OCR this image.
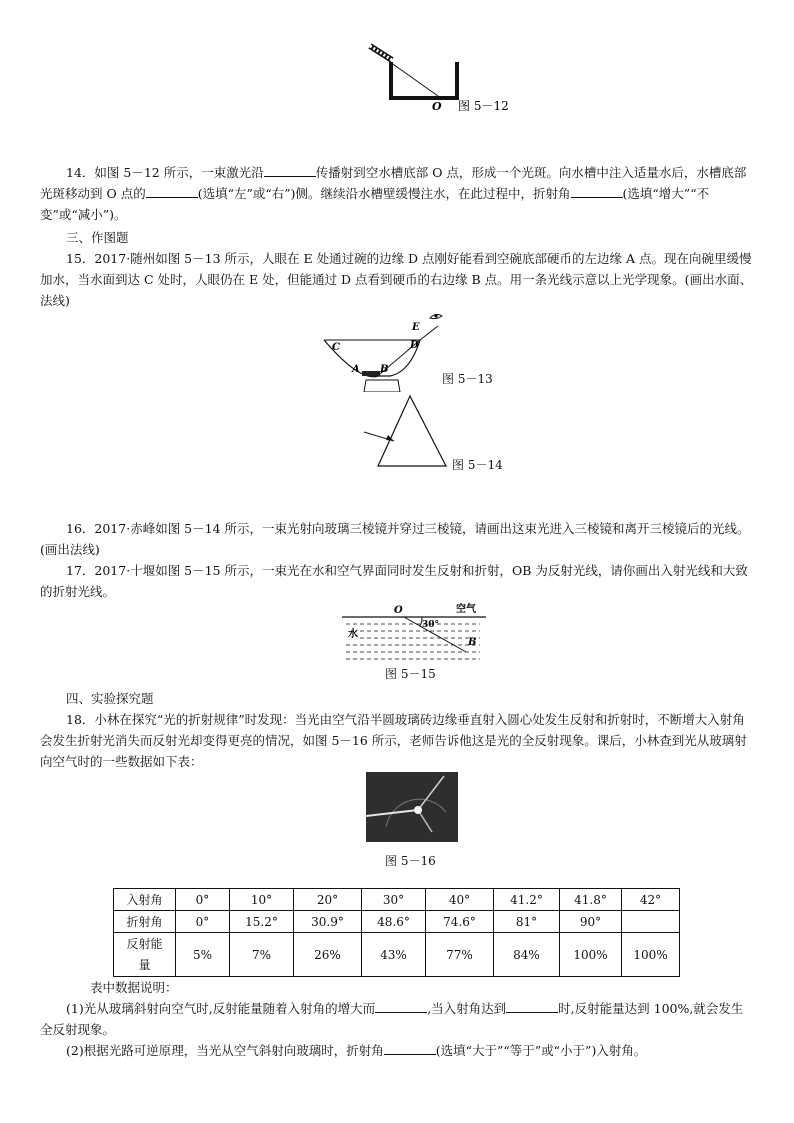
O 图 5－12

14．如图 5－12 所示，一束激光沿	传播射到空水槽底部 O 点，形成一个光斑。向水槽中注入适量水后，水槽底部光斑移动到 O 点的	(选填“左”或“右”)侧。继续沿水槽壁缓慢注水，在此过程中，折射角	(选填“增大”“不变”或“减小”)。

三、作图题

15．2017·随州如图 5－13 所示，人眼在 E 处通过碗的边缘 D 点刚好能看到空碗底部硬币的左边缘 A 点。现在向碗里缓慢加水，当水面到达 C 处时，人眼仍在 E 处，但能通过 D 点看到硬币的右边缘 B 点。用一条光线示意以上光学现象。(画出水面、法线)

E
D
C
A B
图 5－13
图 5－14

16．2017·赤峰如图 5－14 所示，一束光射向玻璃三棱镜并穿过三棱镜，请画出这束光进入三棱镜和离开三棱镜后的光线。(画出法线)

17．2017·十堰如图 5－15 所示，一束光在水和空气界面同时发生反射和折射，OB 为反射光线，请你画出入射光线和大致的折射光线。

O	空气
水
30°
B
图 5－15

四、实验探究题

18．小林在探究“光的折射规律”时发现：当光由空气沿半圆玻璃砖边缘垂直射入圆心处发生反射和折射时，不断增大入射角会发生折射光消失而反射光却变得更亮的情况，如图 5－16 所示，老师告诉他这是光的全反射现象。课后，小林查到光从玻璃射向空气时的一些数据如下表：

图 5－16
入射角	0°	10°	20°	30°	40°	41.2°	41.8°	42°
折射角	0°	15.2°	30.9°	48.6°	74.6°	81°	90°	
反射能
量	5%	7%	26%	43%	77%	84%	100%	100%

表中数据说明：

(1)光从玻璃斜射向空气时,反射能量随着入射角的增大而	,当入射角达到	时,反射能量达到 100%,就会发生全反射现象。

(2)根据光路可逆原理，当光从空气斜射向玻璃时，折射角	(选填“大于”“等于”或“小于”)入射角。
